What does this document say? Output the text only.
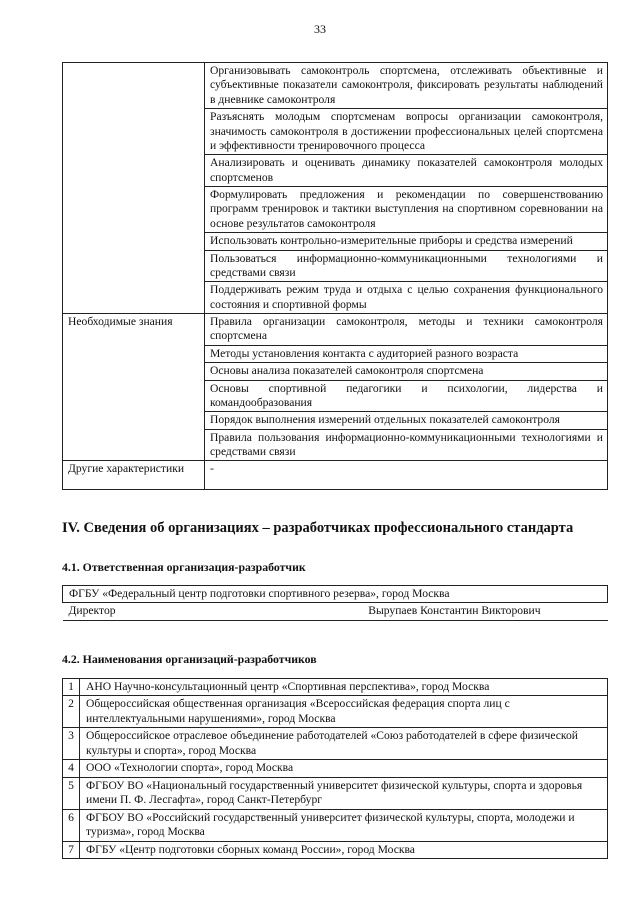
33
	Организовывать самоконтроль спортсмена, отслеживать объективные и субъективные показатели самоконтроля, фиксировать результаты наблюдений в дневнике самоконтроля
	Разъяснять молодым спортсменам вопросы организации самоконтроля, значимость самоконтроля в достижении профессиональных целей спортсмена и эффективности тренировочного процесса
	Анализировать и оценивать динамику показателей самоконтроля молодых спортсменов
	Формулировать предложения и рекомендации по совершенствованию программ тренировок и тактики выступления на спортивном соревновании на основе результатов самоконтроля
	Использовать контрольно-измерительные приборы и средства измерений
	Пользоваться информационно-коммуникационными технологиями и средствами связи
	Поддерживать режим труда и отдыха с целью сохранения функционального состояния и спортивной формы
Необходимые знания	Правила организации самоконтроля, методы и техники самоконтроля спортсмена
	Методы установления контакта с аудиторией разного возраста
	Основы анализа показателей самоконтроля спортсмена
	Основы спортивной педагогики и психологии, лидерства и командообразования
	Порядок выполнения измерений отдельных показателей самоконтроля
	Правила пользования информационно-коммуникационными технологиями и средствами связи
Другие характеристики	-
IV. Сведения об организациях – разработчиках профессионального стандарта
4.1. Ответственная организация-разработчик
ФГБУ «Федеральный центр подготовки спортивного резерва», город Москва
Директор	Вырупаев Константин Викторович
4.2. Наименования организаций-разработчиков
1	АНО Научно-консультационный центр «Спортивная перспектива», город Москва
2	Общероссийская общественная организация «Всероссийская федерация спорта лиц с интеллектуальными нарушениями», город Москва
3	Общероссийское отраслевое объединение работодателей «Союз работодателей в сфере физической культуры и спорта», город Москва
4	ООО «Технологии спорта», город Москва
5	ФГБОУ ВО «Национальный государственный университет физической культуры, спорта и здоровья имени П. Ф. Лесгафта», город Санкт-Петербург
6	ФГБОУ ВО «Российский государственный университет физической культуры, спорта, молодежи и туризма», город Москва
7	ФГБУ «Центр подготовки сборных команд России», город Москва
